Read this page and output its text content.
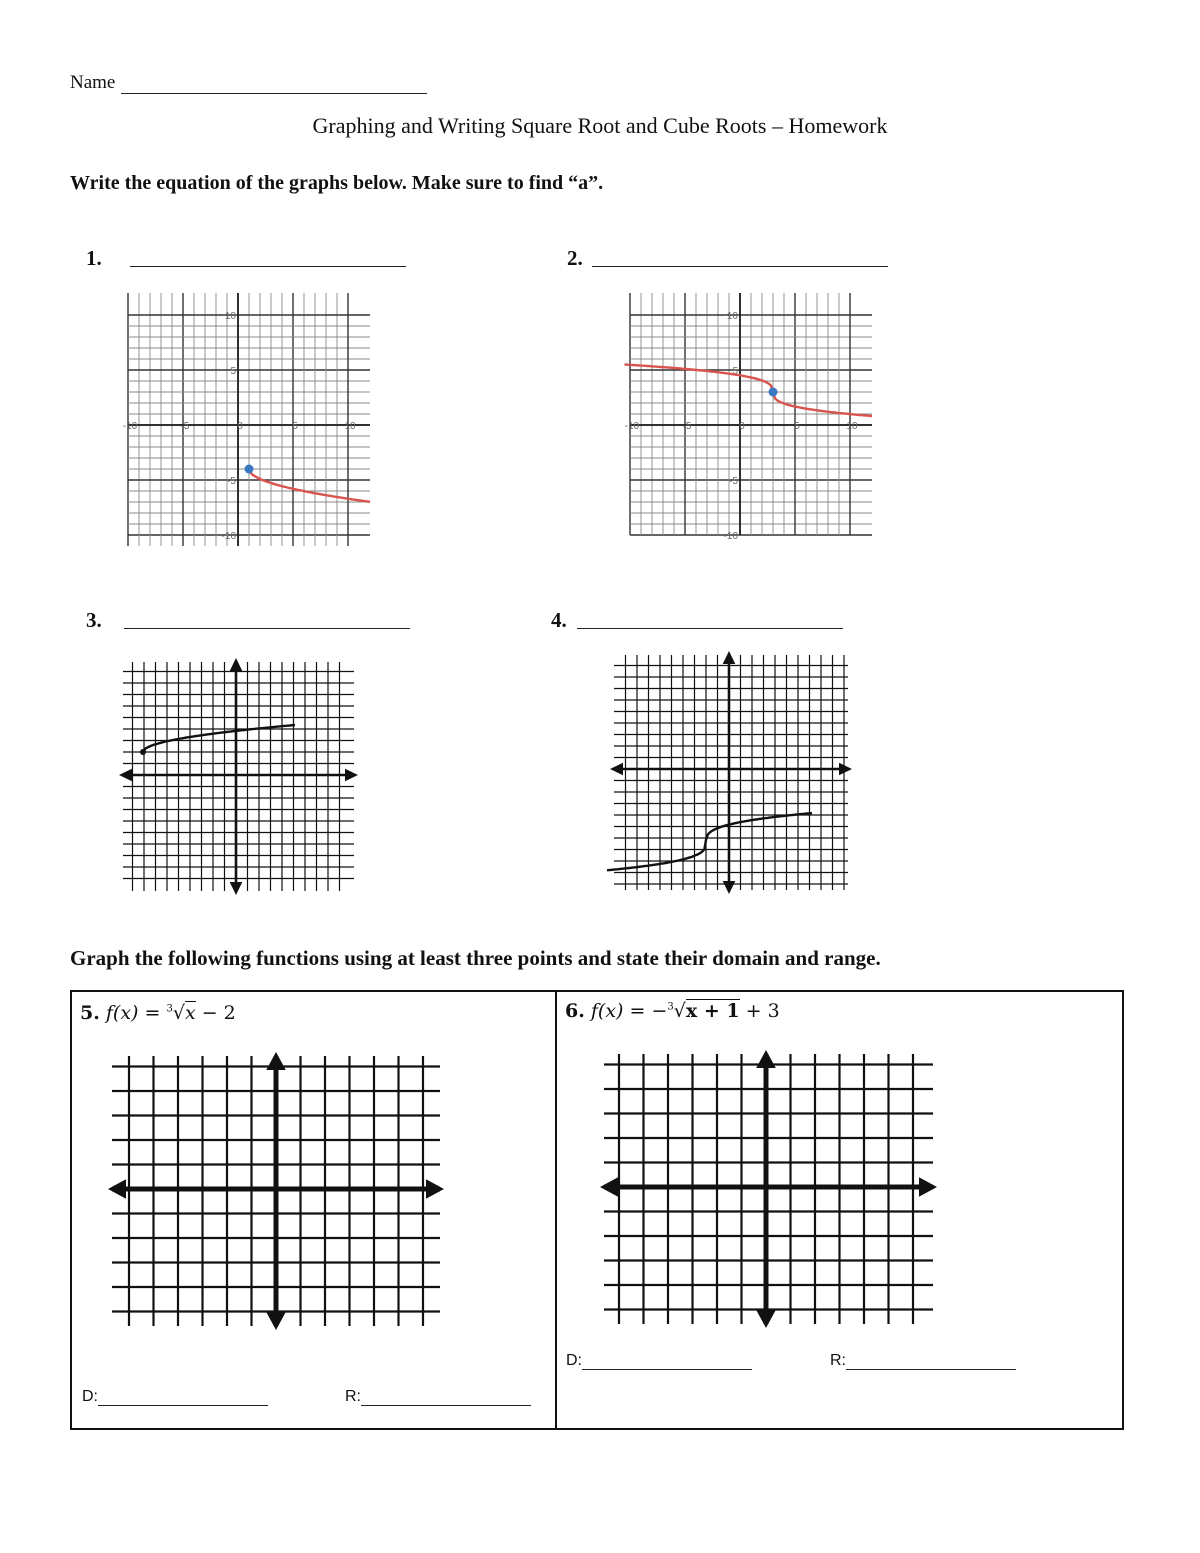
Name
Graphing and Writing Square Root and Cube Roots – Homework
Write the equation of the graphs below. Make sure to find “a”.
1.	2.
3.	4.
-10	-5	0	5	10
10
5
-5
-10
-10	-5	0	5	10
10
5
-5
-10
Graph the following functions using at least three points and state their domain and range.
5. f(x) = $^3$√x − 2	6. f(x) = −$^3$√x + 1 + 3
D:	R:
D:	R:
